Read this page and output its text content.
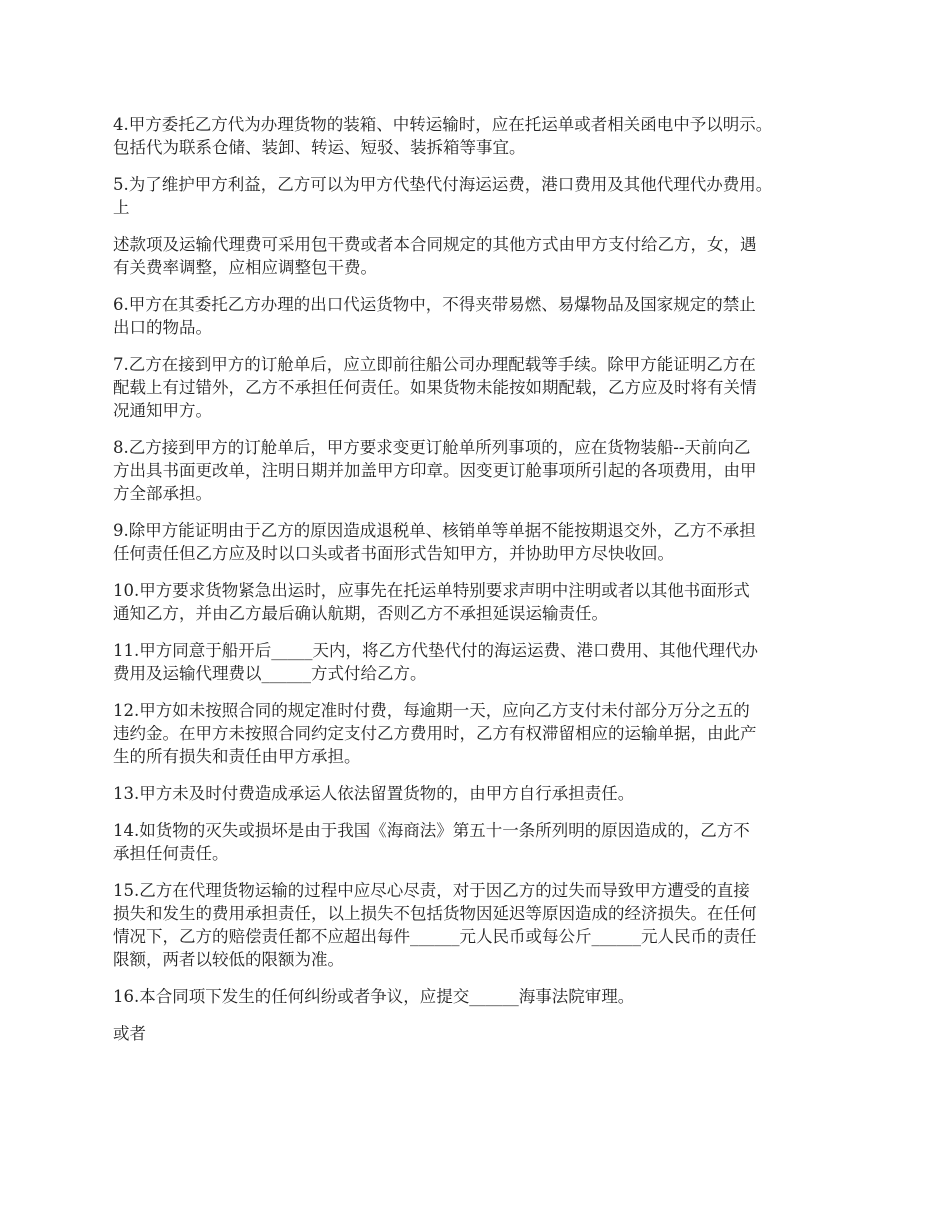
4.甲方委托乙方代为办理货物的装箱、中转运输时，应在托运单或者相关函电中予以明示。
包括代为联系仓储、装卸、转运、短驳、装拆箱等事宜。
5.为了维护甲方利益，乙方可以为甲方代垫代付海运运费，港口费用及其他代理代办费用。
上
述款项及运输代理费可采用包干费或者本合同规定的其他方式由甲方支付给乙方，女，遇
有关费率调整，应相应调整包干费。
6.甲方在其委托乙方办理的出口代运货物中，不得夹带易燃、易爆物品及国家规定的禁止
出口的物品。
7.乙方在接到甲方的订舱单后，应立即前往船公司办理配载等手续。除甲方能证明乙方在
配载上有过错外，乙方不承担任何责任。如果货物未能按如期配载，乙方应及时将有关情
况通知甲方。
8.乙方接到甲方的订舱单后，甲方要求变更订舱单所列事项的，应在货物装船--天前向乙
方出具书面更改单，注明日期并加盖甲方印章。因变更订舱事项所引起的各项费用，由甲
方全部承担。
9.除甲方能证明由于乙方的原因造成退税单、核销单等单据不能按期退交外，乙方不承担
任何责任但乙方应及时以口头或者书面形式告知甲方，并协助甲方尽快收回。
10.甲方要求货物紧急出运时，应事先在托运单特别要求声明中注明或者以其他书面形式
通知乙方，并由乙方最后确认航期，否则乙方不承担延误运输责任。
11.甲方同意于船开后_____天内，将乙方代垫代付的海运运费、港口费用、其他代理代办
费用及运输代理费以______方式付给乙方。
12.甲方如未按照合同的规定准时付费，每逾期一天，应向乙方支付未付部分万分之五的
违约金。在甲方未按照合同约定支付乙方费用时，乙方有权滞留相应的运输单据，由此产
生的所有损失和责任由甲方承担。
13.甲方未及时付费造成承运人依法留置货物的，由甲方自行承担责任。
14.如货物的灭失或损坏是由于我国《海商法》第五十一条所列明的原因造成的，乙方不
承担任何责任。
15.乙方在代理货物运输的过程中应尽心尽责，对于因乙方的过失而导致甲方遭受的直接
损失和发生的费用承担责任，以上损失不包括货物因延迟等原因造成的经济损失。在任何
情况下，乙方的赔偿责任都不应超出每件______元人民币或每公斤______元人民币的责任
限额，两者以较低的限额为准。
16.本合同项下发生的任何纠纷或者争议，应提交______海事法院审理。
或者
